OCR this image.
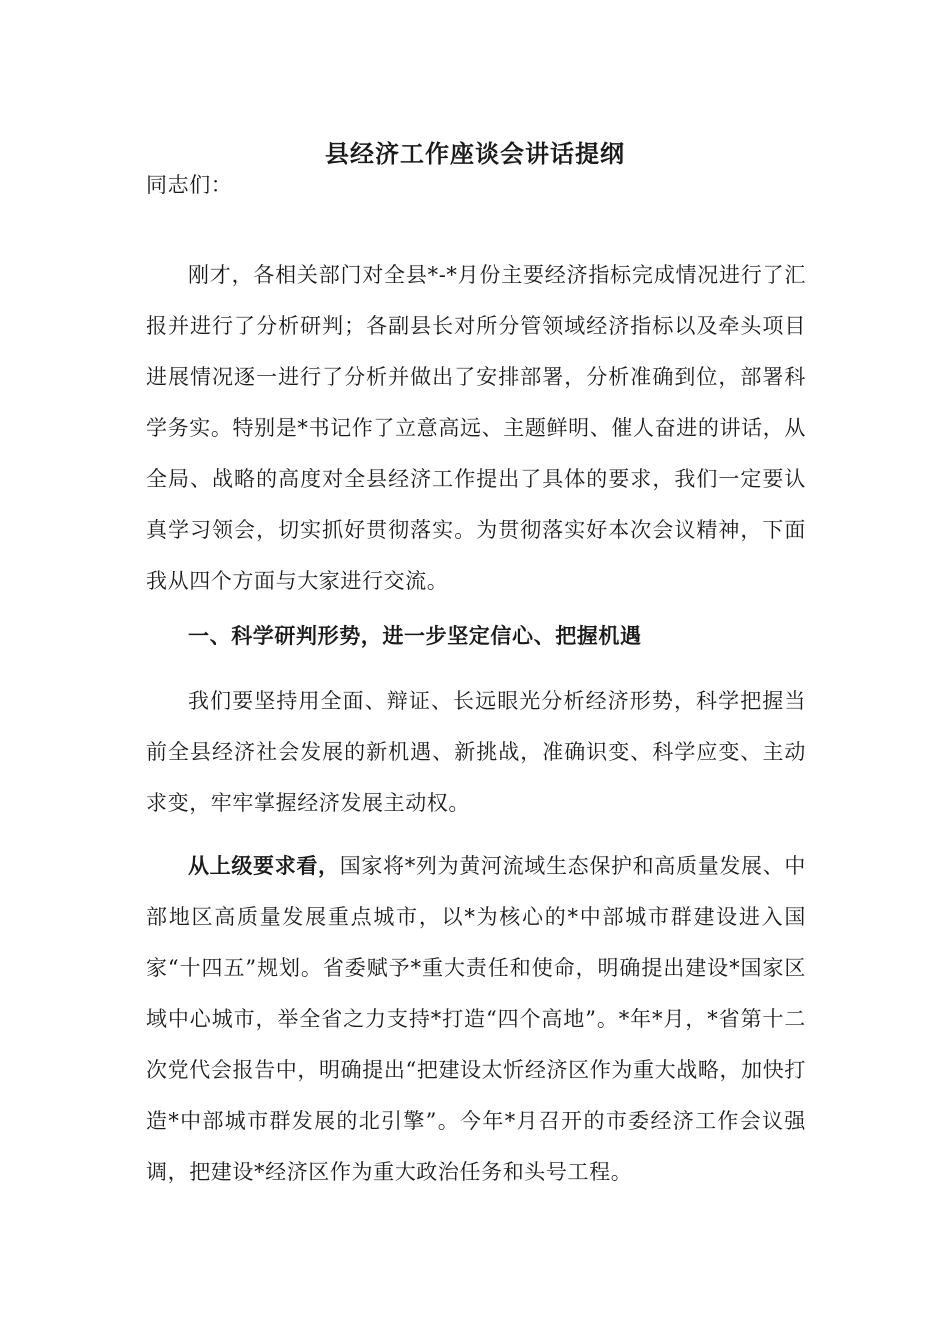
县经济工作座谈会讲话提纲
同志们：
刚才，各相关部门对全县*-*月份主要经济指标完成情况进行了汇报并进行了分析研判；各副县长对所分管领域经济指标以及牵头项目进展情况逐一进行了分析并做出了安排部署，分析准确到位，部署科学务实。特别是*书记作了立意高远、主题鲜明、催人奋进的讲话，从全局、战略的高度对全县经济工作提出了具体的要求，我们一定要认真学习领会，切实抓好贯彻落实。为贯彻落实好本次会议精神，下面我从四个方面与大家进行交流。
一、科学研判形势，进一步坚定信心、把握机遇
我们要坚持用全面、辩证、长远眼光分析经济形势，科学把握当前全县经济社会发展的新机遇、新挑战，准确识变、科学应变、主动求变，牢牢掌握经济发展主动权。
从上级要求看，国家将*列为黄河流域生态保护和高质量发展、中部地区高质量发展重点城市，以*为核心的*中部城市群建设进入国家“十四五”规划。省委赋予*重大责任和使命，明确提出建设*国家区域中心城市，举全省之力支持*打造“四个高地”。*年*月，*省第十二次党代会报告中，明确提出“把建设太忻经济区作为重大战略，加快打造*中部城市群发展的北引擎”。今年*月召开的市委经济工作会议强调，把建设*经济区作为重大政治任务和头号工程。
